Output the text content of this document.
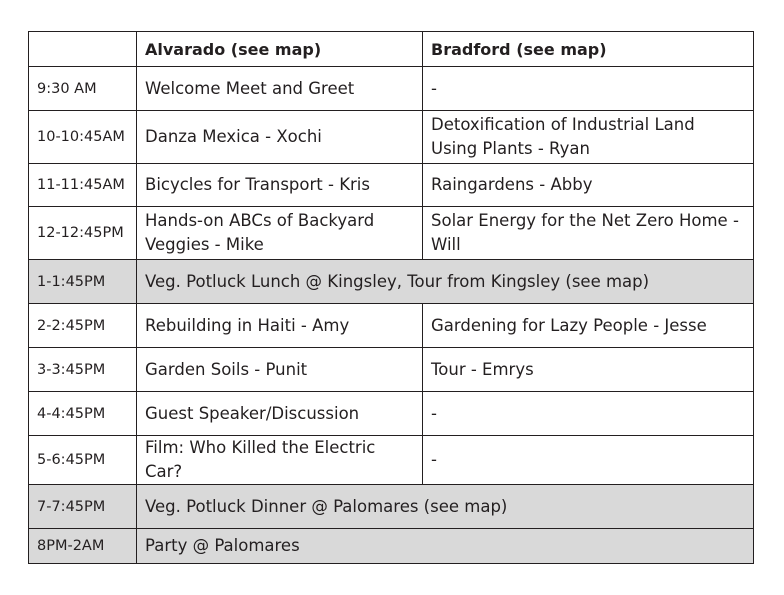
	Alvarado (see map)	Bradford (see map)
9:30 AM	Welcome Meet and Greet	-
10-10:45AM	Danza Mexica - Xochi	Detoxification of Industrial Land Using Plants - Ryan
11-11:45AM	Bicycles for Transport - Kris	Raingardens - Abby
12-12:45PM	Hands-on ABCs of Backyard Veggies - Mike	Solar Energy for the Net Zero Home - Will
1-1:45PM	Veg. Potluck Lunch @ Kingsley, Tour from Kingsley (see map)	
2-2:45PM	Rebuilding in Haiti - Amy	Gardening for Lazy People - Jesse
3-3:45PM	Garden Soils - Punit	Tour - Emrys
4-4:45PM	Guest Speaker/Discussion	-
5-6:45PM	Film: Who Killed the Electric Car?	-
7-7:45PM	Veg. Potluck Dinner @ Palomares (see map)	
8PM-2AM	Party @ Palomares	
